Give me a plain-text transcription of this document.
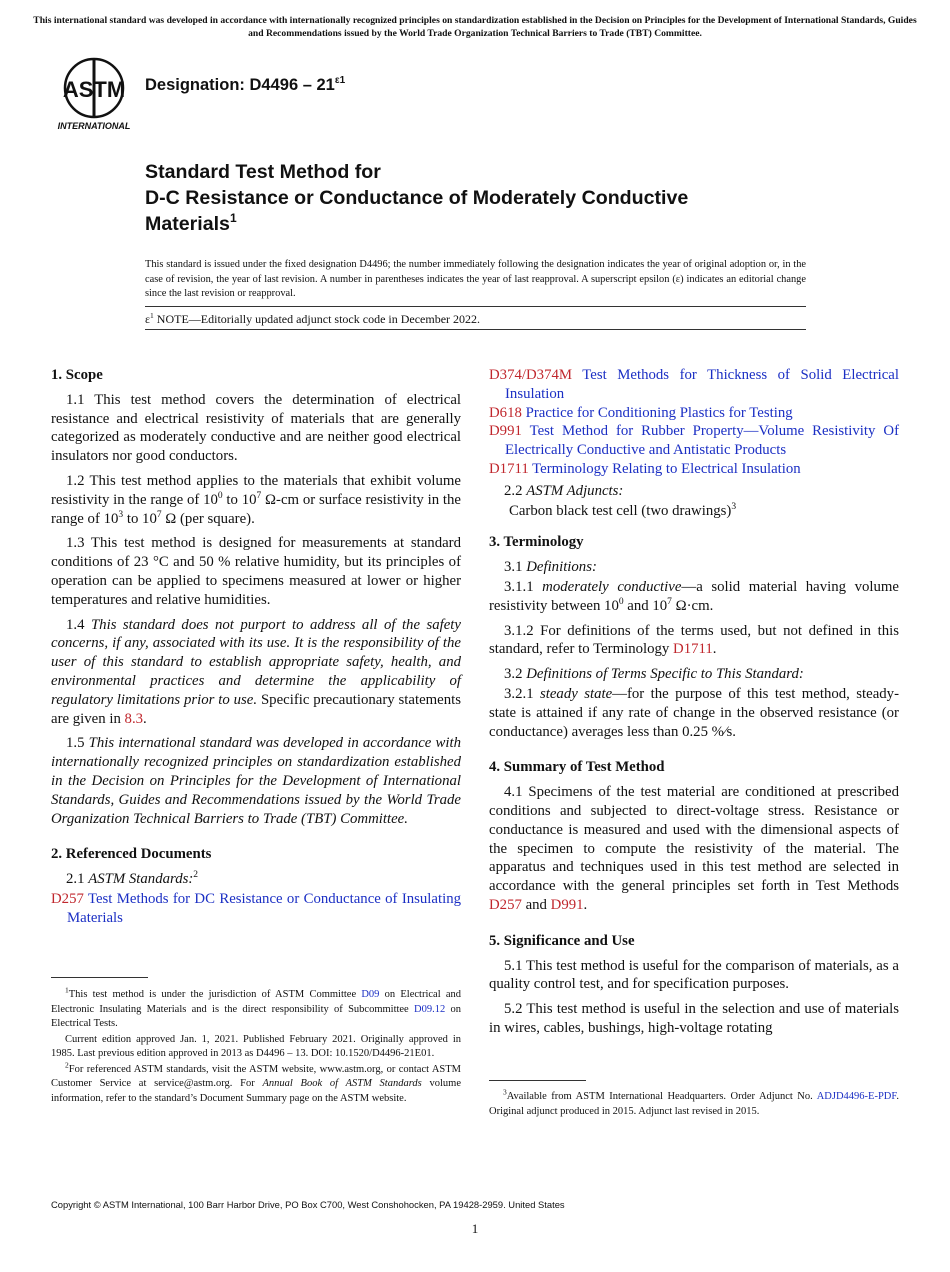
This international standard was developed in accordance with internationally recognized principles on standardization established in the Decision on Principles for the Development of International Standards, Guides and Recommendations issued by the World Trade Organization Technical Barriers to Trade (TBT) Committee.
ASTM
INTERNATIONAL
Designation: $D4496 - 21^{\varepsilon 1}$
Standard Test Method for
D-C Resistance or Conductance of Moderately Conductive
Materials$^1$
This standard is issued under the fixed designation D4496; the number immediately following the designation indicates the year of original adoption or, in the case of revision, the year of last revision. A number in parentheses indicates the year of last reapproval. A superscript epsilon (ε) indicates an editorial change since the last revision or reapproval.
$\varepsilon^1$ NOTE—Editorially updated adjunct stock code in December 2022.
1. Scope

1.1 This test method covers the determination of electrical resistance and electrical resistivity of materials that are generally categorized as moderately conductive and are neither good electrical insulators nor good conductors.

1.2 This test method applies to the materials that exhibit volume resistivity in the range of $10^0$ to $10^7$ Ω-cm or surface resistivity in the range of $10^3$ to $10^7$ Ω (per square).

1.3 This test method is designed for measurements at standard conditions of 23 °C and 50 % relative humidity, but its principles of operation can be applied to specimens measured at lower or higher temperatures and relative humidities.

1.4 This standard does not purport to address all of the safety concerns, if any, associated with its use. It is the responsibility of the user of this standard to establish appropriate safety, health, and environmental practices and determine the applicability of regulatory limitations prior to use. Specific precautionary statements are given in 8.3.

1.5 This international standard was developed in accordance with internationally recognized principles on standardization established in the Decision on Principles for the Development of International Standards, Guides and Recommendations issued by the World Trade Organization Technical Barriers to Trade (TBT) Committee.

2. Referenced Documents

2.1 ASTM Standards:$^2$

D257 Test Methods for DC Resistance or Conductance of Insulating Materials

$^1$This test method is under the jurisdiction of ASTM Committee D09 on Electrical and Electronic Insulating Materials and is the direct responsibility of Subcommittee D09.12 on Electrical Tests.

Current edition approved Jan. 1, 2021. Published February 2021. Originally approved in 1985. Last previous edition approved in 2013 as D4496 – 13. DOI: 10.1520/D4496-21E01.

$^2$For referenced ASTM standards, visit the ASTM website, www.astm.org, or contact ASTM Customer Service at service@astm.org. For Annual Book of ASTM Standards volume information, refer to the standard’s Document Summary page on the ASTM website.

D374/D374M Test Methods for Thickness of Solid Electrical Insulation

D618 Practice for Conditioning Plastics for Testing

D991 Test Method for Rubber Property—Volume Resistivity Of Electrically Conductive and Antistatic Products

D1711 Terminology Relating to Electrical Insulation

2.2 ASTM Adjuncts:

Carbon black test cell (two drawings)$^3$

3. Terminology

3.1 Definitions:

3.1.1 moderately conductive—a solid material having volume resistivity between $10^0$ and $10^7$ Ω·cm.

3.1.2 For definitions of the terms used, but not defined in this standard, refer to Terminology D1711.

3.2 Definitions of Terms Specific to This Standard:

3.2.1 steady state—for the purpose of this test method, steady-state is attained if any rate of change in the observed resistance (or conductance) averages less than 0.25 %⁄s.

4. Summary of Test Method

4.1 Specimens of the test material are conditioned at prescribed conditions and subjected to direct-voltage stress. Resistance or conductance is measured and used with the dimensional aspects of the specimen to compute the resistivity of the material. The apparatus and techniques used in this test method are selected in accordance with the general principles set forth in Test Methods D257 and D991.

5. Significance and Use

5.1 This test method is useful for the comparison of materials, as a quality control test, and for specification purposes.

5.2 This test method is useful in the selection and use of materials in wires, cables, bushings, high-voltage rotating

$^3$Available from ASTM International Headquarters. Order Adjunct No. ADJD4496-E-PDF. Original adjunct produced in 2015. Adjunct last revised in 2015.

Copyright © ASTM International, 100 Barr Harbor Drive, PO Box C700, West Conshohocken, PA 19428-2959. United States
1
